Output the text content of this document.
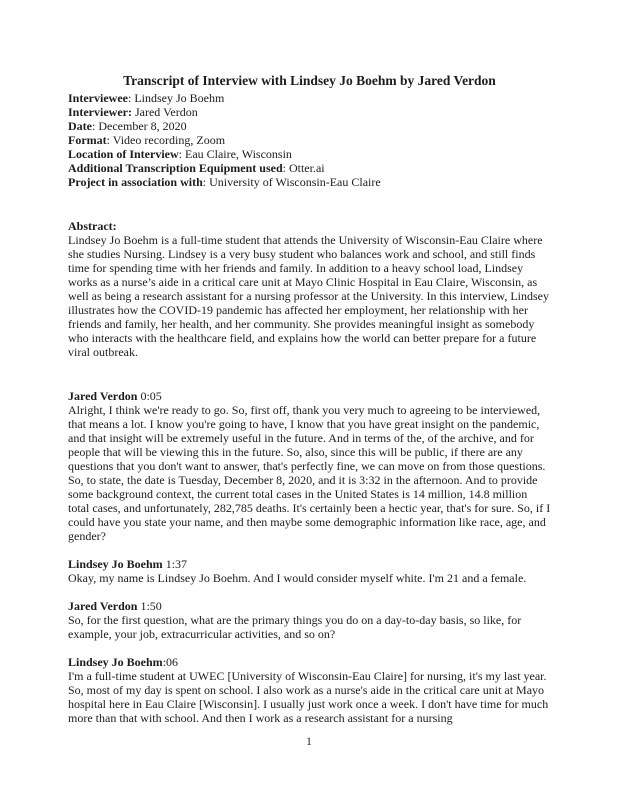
Transcript of Interview with Lindsey Jo Boehm by Jared Verdon
Interviewee: Lindsey Jo Boehm
Interviewer: Jared Verdon
Date: December 8, 2020
Format: Video recording, Zoom
Location of Interview: Eau Claire, Wisconsin
Additional Transcription Equipment used: Otter.ai
Project in association with: University of Wisconsin-Eau Claire
Abstract:

Lindsey Jo Boehm is a full-time student that attends the University of Wisconsin-Eau Claire where she studies Nursing. Lindsey is a very busy student who balances work and school, and still finds time for spending time with her friends and family. In addition to a heavy school load, Lindsey works as a nurse’s aide in a critical care unit at Mayo Clinic Hospital in Eau Claire, Wisconsin, as well as being a research assistant for a nursing professor at the University. In this interview, Lindsey illustrates how the COVID-19 pandemic has affected her employment, her relationship with her friends and family, her health, and her community. She provides meaningful insight as somebody who interacts with the healthcare field, and explains how the world can better prepare for a future viral outbreak.

Jared Verdon 0:05

Alright, I think we're ready to go. So, first off, thank you very much to agreeing to be interviewed, that means a lot. I know you're going to have, I know that you have great insight on the pandemic, and that insight will be extremely useful in the future. And in terms of the, of the archive, and for people that will be viewing this in the future. So, also, since this will be public, if there are any questions that you don't want to answer, that's perfectly fine, we can move on from those questions. So, to state, the date is Tuesday, December 8, 2020, and it is 3:32 in the afternoon. And to provide some background context, the current total cases in the United States is 14 million, 14.8 million total cases, and unfortunately, 282,785 deaths. It's certainly been a hectic year, that's for sure. So, if I could have you state your name, and then maybe some demographic information like race, age, and gender?

Lindsey Jo Boehm 1:37

Okay, my name is Lindsey Jo Boehm. And I would consider myself white. I'm 21 and a female.

Jared Verdon 1:50

So, for the first question, what are the primary things you do on a day-to-day basis, so like, for example, your job, extracurricular activities, and so on?

Lindsey Jo Boehm:06

I'm a full-time student at UWEC [University of Wisconsin-Eau Claire] for nursing, it's my last year. So, most of my day is spent on school. I also work as a nurse's aide in the critical care unit at Mayo hospital here in Eau Claire [Wisconsin]. I usually just work once a week. I don't have time for much more than that with school. And then I work as a research assistant for a nursing

1
